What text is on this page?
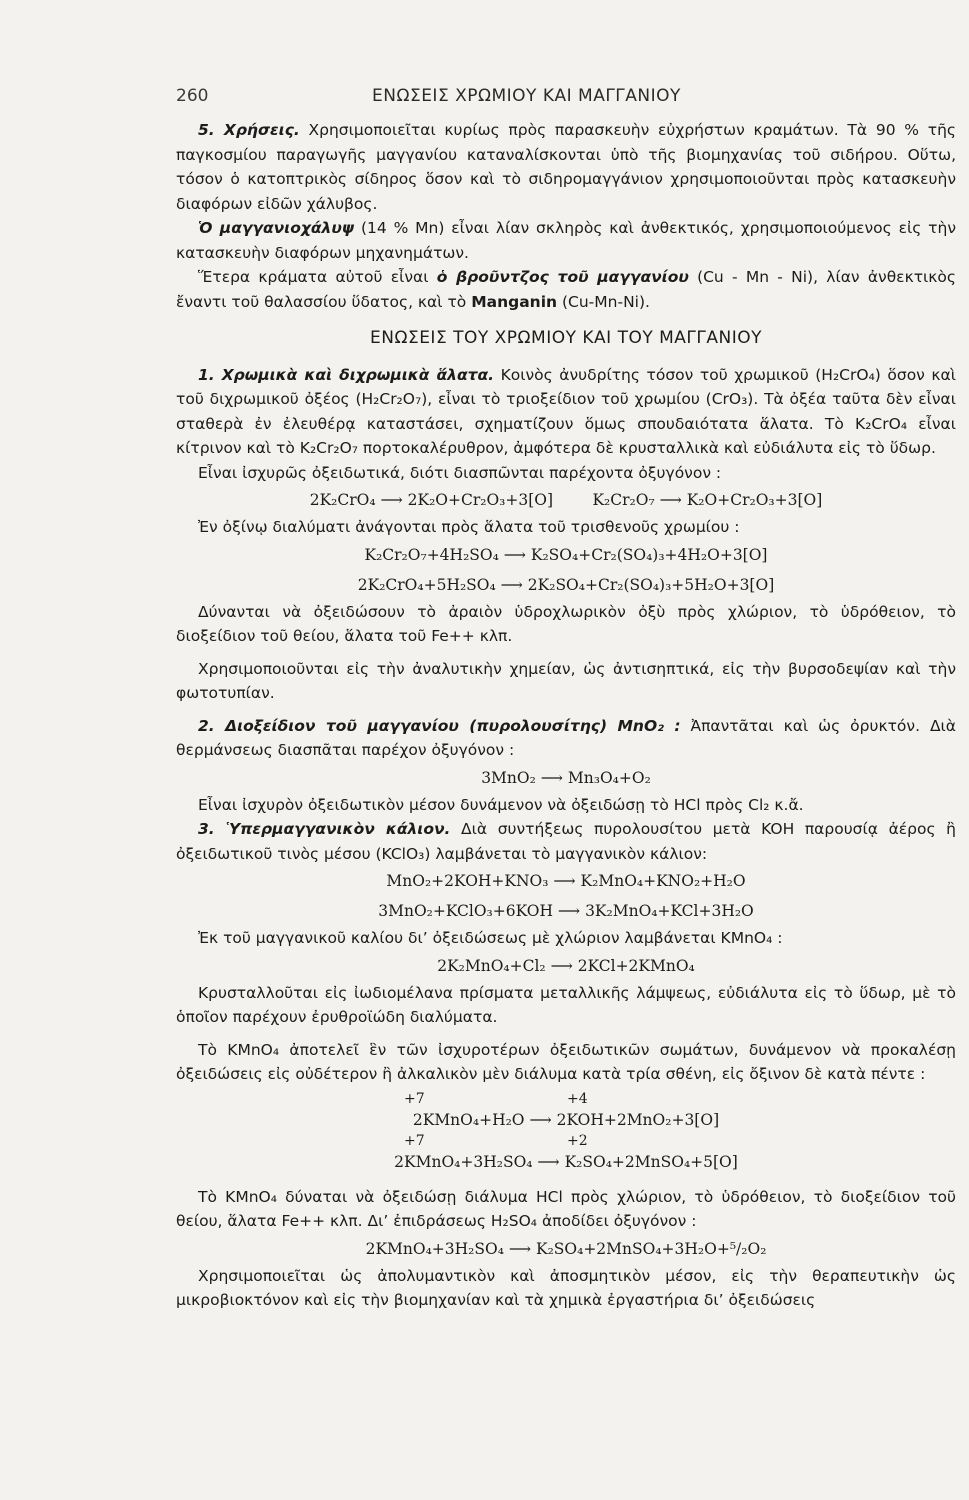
260	ΕΝΩΣΕΙΣ ΧΡΩΜΙΟΥ ΚΑΙ ΜΑΓΓΑΝΙΟΥ

5. Χρήσεις. Χρησιμοποιεῖται κυρίως πρὸς παρασκευὴν εὐχρήστων κραμάτων. Τὰ 90 % τῆς παγκοσμίου παραγωγῆς μαγγανίου καταναλίσκονται ὑπὸ τῆς βιομηχανίας τοῦ σιδήρου. Οὕτω, τόσον ὁ κατοπτρικὸς σίδηρος ὅσον καὶ τὸ σιδηρομαγγάνιον χρησιμοποιοῦνται πρὸς κατασκευὴν διαφόρων εἰδῶν χάλυβος.

Ὁ μαγγανιοχάλυψ (14 % Mn) εἶναι λίαν σκληρὸς καὶ ἀνθεκτικός, χρησιμοποιούμενος εἰς τὴν κατασκευὴν διαφόρων μηχανημάτων.

Ἕτερα κράματα αὐτοῦ εἶναι ὁ βροῦντζος τοῦ μαγγανίου (Cu - Mn - Ni), λίαν ἀνθεκτικὸς ἔναντι τοῦ θαλασσίου ὕδατος, καὶ τὸ Manganin (Cu-Mn-Ni).

ΕΝΩΣΕΙΣ ΤΟΥ ΧΡΩΜΙΟΥ ΚΑΙ ΤΟΥ ΜΑΓΓΑΝΙΟΥ

1. Χρωμικὰ καὶ διχρωμικὰ ἅλατα. Κοινὸς ἀνυδρίτης τόσον τοῦ χρωμικοῦ (H₂CrO₄) ὅσον καὶ τοῦ διχρωμικοῦ ὀξέος (H₂Cr₂O₇), εἶναι τὸ τριοξείδιον τοῦ χρωμίου (CrO₃). Τὰ ὀξέα ταῦτα δὲν εἶναι σταθερὰ ἐν ἐλευθέρᾳ καταστάσει, σχηματίζουν ὅμως σπουδαιότατα ἅλατα. Τὸ K₂CrO₄ εἶναι κίτρινον καὶ τὸ K₂Cr₂O₇ πορτοκαλέρυθρον, ἀμφότερα δὲ κρυσταλλικὰ καὶ εὐδιάλυτα εἰς τὸ ὕδωρ.

Εἶναι ἰσχυρῶς ὀξειδωτικά, διότι διασπῶνται παρέχοντα ὀξυγόνον :

2K₂CrO₄ ⟶ 2K₂O+Cr₂O₃+3[O]        K₂Cr₂O₇ ⟶ K₂O+Cr₂O₃+3[O]

Ἐν ὀξίνῳ διαλύματι ἀνάγονται πρὸς ἅλατα τοῦ τρισθενοῦς χρωμίου :

K₂Cr₂O₇+4H₂SO₄ ⟶ K₂SO₄+Cr₂(SO₄)₃+4H₂O+3[O]
2K₂CrO₄+5H₂SO₄ ⟶ 2K₂SO₄+Cr₂(SO₄)₃+5H₂O+3[O]

Δύνανται νὰ ὀξειδώσουν τὸ ἀραιὸν ὑδροχλωρικὸν ὀξὺ πρὸς χλώριον, τὸ ὑδρόθειον, τὸ διοξείδιον τοῦ θείου, ἅλατα τοῦ Fe++ κλπ.

Χρησιμοποιοῦνται εἰς τὴν ἀναλυτικὴν χημείαν, ὡς ἀντισηπτικά, εἰς τὴν βυρσοδεψίαν καὶ τὴν φωτοτυπίαν.

2. Διοξείδιον τοῦ μαγγανίου (πυρολουσίτης) MnO₂ : Ἀπαντᾶται καὶ ὡς ὀρυκτόν. Διὰ θερμάνσεως διασπᾶται παρέχον ὀξυγόνον :

3MnO₂ ⟶ Mn₃O₄+O₂

Εἶναι ἰσχυρὸν ὀξειδωτικὸν μέσον δυνάμενον νὰ ὀξειδώσῃ τὸ HCl πρὸς Cl₂ κ.ἄ.

3. Ὑπερμαγγανικὸν κάλιον. Διὰ συντήξεως πυρολουσίτου μετὰ KOH παρουσίᾳ ἀέρος ἢ ὀξειδωτικοῦ τινὸς μέσου (KClO₃) λαμβάνεται τὸ μαγγανικὸν κάλιον:

MnO₂+2KOH+KNO₃ ⟶ K₂MnO₄+KNO₂+H₂O
3MnO₂+KClO₃+6KOH ⟶ 3K₂MnO₄+KCl+3H₂O

Ἐκ τοῦ μαγγανικοῦ καλίου δι’ ὀξειδώσεως μὲ χλώριον λαμβάνεται KMnO₄ :

2K₂MnO₄+Cl₂ ⟶ 2KCl+2KMnO₄

Κρυσταλλοῦται εἰς ἰωδιομέλανα πρίσματα μεταλλικῆς λάμψεως, εὐδιάλυτα εἰς τὸ ὕδωρ, μὲ τὸ ὁποῖον παρέχουν ἐρυθροϊώδη διαλύματα.

Τὸ KMnO₄ ἀποτελεῖ ἓν τῶν ἰσχυροτέρων ὀξειδωτικῶν σωμάτων, δυνάμενον νὰ προκαλέσῃ ὀξειδώσεις εἰς οὐδέτερον ἢ ἀλκαλικὸν μὲν διάλυμα κατὰ τρία σθένη, εἰς ὄξινον δὲ κατὰ πέντε :

+7                                +4
2KMnO₄+H₂O ⟶ 2KOH+2MnO₂+3[O]
+7                                +2
2KMnO₄+3H₂SO₄ ⟶ K₂SO₄+2MnSO₄+5[O]

Τὸ KMnO₄ δύναται νὰ ὀξειδώσῃ διάλυμα HCl πρὸς χλώριον, τὸ ὑδρόθειον, τὸ διοξείδιον τοῦ θείου, ἅλατα Fe++ κλπ. Δι’ ἐπιδράσεως H₂SO₄ ἀποδίδει ὀξυγόνον :

2KMnO₄+3H₂SO₄ ⟶ K₂SO₄+2MnSO₄+3H₂O+⁵/₂O₂

Χρησιμοποιεῖται ὡς ἀπολυμαντικὸν καὶ ἀποσμητικὸν μέσον, εἰς τὴν θεραπευτικὴν ὡς μικροβιοκτόνον καὶ εἰς τὴν βιομηχανίαν καὶ τὰ χημικὰ ἐργαστήρια δι’ ὀξειδώσεις
